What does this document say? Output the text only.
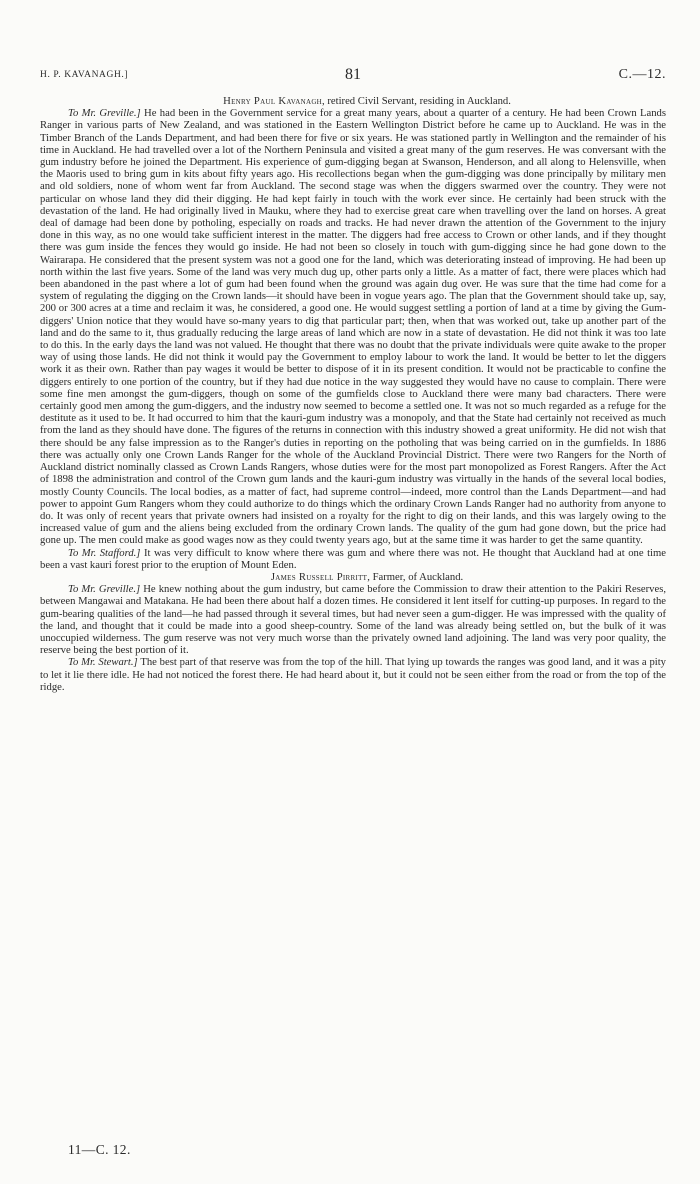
H. P. KAVANAGH.]	81	C.—12.

Henry Paul Kavanagh, retired Civil Servant, residing in Auckland.

To Mr. Greville.] He had been in the Government service for a great many years, about a quarter of a century. He had been Crown Lands Ranger in various parts of New Zealand, and was stationed in the Eastern Wellington District before he came up to Auckland. He was in the Timber Branch of the Lands Department, and had been there for five or six years. He was stationed partly in Wellington and the remainder of his time in Auckland. He had travelled over a lot of the Northern Peninsula and visited a great many of the gum reserves. He was conversant with the gum industry before he joined the Department. His experience of gum-digging began at Swanson, Henderson, and all along to Helensville, when the Maoris used to bring gum in kits about fifty years ago. His recollections began when the gum-digging was done principally by military men and old soldiers, none of whom went far from Auckland. The second stage was when the diggers swarmed over the country. They were not particular on whose land they did their digging. He had kept fairly in touch with the work ever since. He certainly had been struck with the devastation of the land. He had originally lived in Mauku, where they had to exercise great care when travelling over the land on horses. A great deal of damage had been done by potholing, especially on roads and tracks. He had never drawn the attention of the Government to the injury done in this way, as no one would take sufficient interest in the matter. The diggers had free access to Crown or other lands, and if they thought there was gum inside the fences they would go inside. He had not been so closely in touch with gum-digging since he had gone down to the Wairarapa. He considered that the present system was not a good one for the land, which was deteriorating instead of improving. He had been up north within the last five years. Some of the land was very much dug up, other parts only a little. As a matter of fact, there were places which had been abandoned in the past where a lot of gum had been found when the ground was again dug over. He was sure that the time had come for a system of regulating the digging on the Crown lands—it should have been in vogue years ago. The plan that the Government should take up, say, 200 or 300 acres at a time and reclaim it was, he considered, a good one. He would suggest settling a portion of land at a time by giving the Gum-diggers' Union notice that they would have so-many years to dig that particular part; then, when that was worked out, take up another part of the land and do the same to it, thus gradually reducing the large areas of land which are now in a state of devastation. He did not think it was too late to do this. In the early days the land was not valued. He thought that there was no doubt that the private individuals were quite awake to the proper way of using those lands. He did not think it would pay the Government to employ labour to work the land. It would be better to let the diggers work it as their own. Rather than pay wages it would be better to dispose of it in its present condition. It would not be practicable to confine the diggers entirely to one portion of the country, but if they had due notice in the way suggested they would have no cause to complain. There were some fine men amongst the gum-diggers, though on some of the gumfields close to Auckland there were many bad characters. There were certainly good men among the gum-diggers, and the industry now seemed to become a settled one. It was not so much regarded as a refuge for the destitute as it used to be. It had occurred to him that the kauri-gum industry was a monopoly, and that the State had certainly not received as much from the land as they should have done. The figures of the returns in connection with this industry showed a great uniformity. He did not wish that there should be any false impression as to the Ranger's duties in reporting on the potholing that was being carried on in the gumfields. In 1886 there was actually only one Crown Lands Ranger for the whole of the Auckland Provincial District. There were two Rangers for the North of Auckland district nominally classed as Crown Lands Rangers, whose duties were for the most part monopolized as Forest Rangers. After the Act of 1898 the administration and control of the Crown gum lands and the kauri-gum industry was virtually in the hands of the several local bodies, mostly County Councils. The local bodies, as a matter of fact, had supreme control—indeed, more control than the Lands Department—and had power to appoint Gum Rangers whom they could authorize to do things which the ordinary Crown Lands Ranger had no authority from anyone to do. It was only of recent years that private owners had insisted on a royalty for the right to dig on their lands, and this was largely owing to the increased value of gum and the aliens being excluded from the ordinary Crown lands. The quality of the gum had gone down, but the price had gone up. The men could make as good wages now as they could twenty years ago, but at the same time it was harder to get the same quantity.

To Mr. Stafford.] It was very difficult to know where there was gum and where there was not. He thought that Auckland had at one time been a vast kauri forest prior to the eruption of Mount Eden.

James Russell Pirritt, Farmer, of Auckland.

To Mr. Greville.] He knew nothing about the gum industry, but came before the Commission to draw their attention to the Pakiri Reserves, between Mangawai and Matakana. He had been there about half a dozen times. He considered it lent itself for cutting-up purposes. In regard to the gum-bearing qualities of the land—he had passed through it several times, but had never seen a gum-digger. He was impressed with the quality of the land, and thought that it could be made into a good sheep-country. Some of the land was already being settled on, but the bulk of it was unoccupied wilderness. The gum reserve was not very much worse than the privately owned land adjoining. The land was very poor quality, the reserve being the best portion of it.

To Mr. Stewart.] The best part of that reserve was from the top of the hill. That lying up towards the ranges was good land, and it was a pity to let it lie there idle. He had not noticed the forest there. He had heard about it, but it could not be seen either from the road or from the top of the ridge.

11—C. 12.
